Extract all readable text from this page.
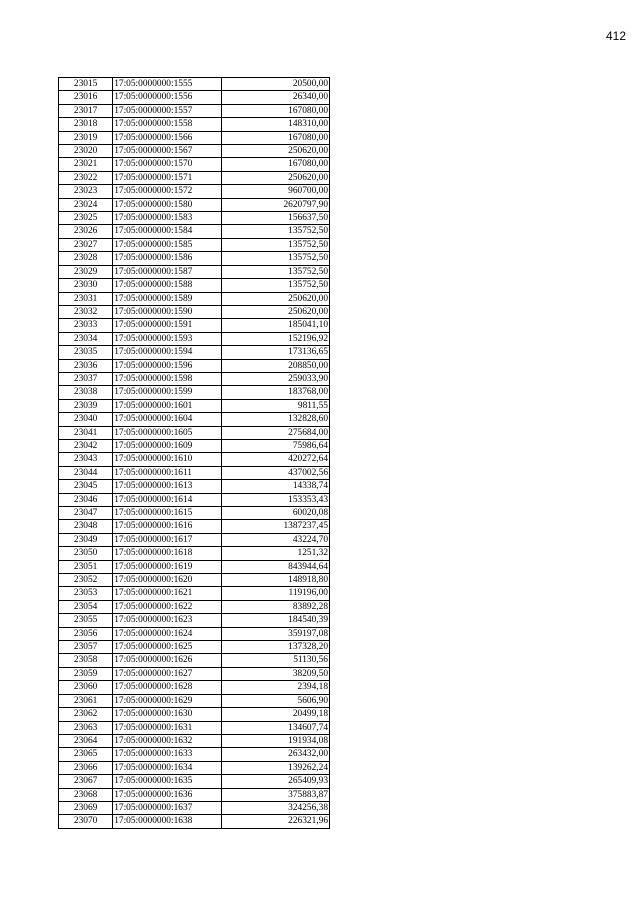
412
23015	17:05:0000000:1555	20500,00
23016	17:05:0000000:1556	26340,00
23017	17:05:0000000:1557	167080,00
23018	17:05:0000000:1558	148310,00
23019	17:05:0000000:1566	167080,00
23020	17:05:0000000:1567	250620,00
23021	17:05:0000000:1570	167080,00
23022	17:05:0000000:1571	250620,00
23023	17:05:0000000:1572	960700,00
23024	17:05:0000000:1580	2620797,90
23025	17:05:0000000:1583	156637,50
23026	17:05:0000000:1584	135752,50
23027	17:05:0000000:1585	135752,50
23028	17:05:0000000:1586	135752,50
23029	17:05:0000000:1587	135752,50
23030	17:05:0000000:1588	135752,50
23031	17:05:0000000:1589	250620,00
23032	17:05:0000000:1590	250620,00
23033	17:05:0000000:1591	185041,10
23034	17:05:0000000:1593	152196,92
23035	17:05:0000000:1594	173136,65
23036	17:05:0000000:1596	208850,00
23037	17:05:0000000:1598	259033,90
23038	17:05:0000000:1599	183768,00
23039	17:05:0000000:1601	9811,55
23040	17:05:0000000:1604	132828,60
23041	17:05:0000000:1605	275684,00
23042	17:05:0000000:1609	75986,64
23043	17:05:0000000:1610	420272,64
23044	17:05:0000000:1611	437002,56
23045	17:05:0000000:1613	14338,74
23046	17:05:0000000:1614	153353,43
23047	17:05:0000000:1615	60020,08
23048	17:05:0000000:1616	1387237,45
23049	17:05:0000000:1617	43224,70
23050	17:05:0000000:1618	1251,32
23051	17:05:0000000:1619	843944,64
23052	17:05:0000000:1620	148918,80
23053	17:05:0000000:1621	119196,00
23054	17:05:0000000:1622	83892,28
23055	17:05:0000000:1623	184540,39
23056	17:05:0000000:1624	359197,08
23057	17:05:0000000:1625	137328,20
23058	17:05:0000000:1626	51130,56
23059	17:05:0000000:1627	38209,50
23060	17:05:0000000:1628	2394,18
23061	17:05:0000000:1629	5606,90
23062	17:05:0000000:1630	20499,18
23063	17:05:0000000:1631	134607,74
23064	17:05:0000000:1632	191934,08
23065	17:05:0000000:1633	263432,00
23066	17:05:0000000:1634	139262,24
23067	17:05:0000000:1635	265409,93
23068	17:05:0000000:1636	375883,87
23069	17:05:0000000:1637	324256,38
23070	17:05:0000000:1638	226321,96
